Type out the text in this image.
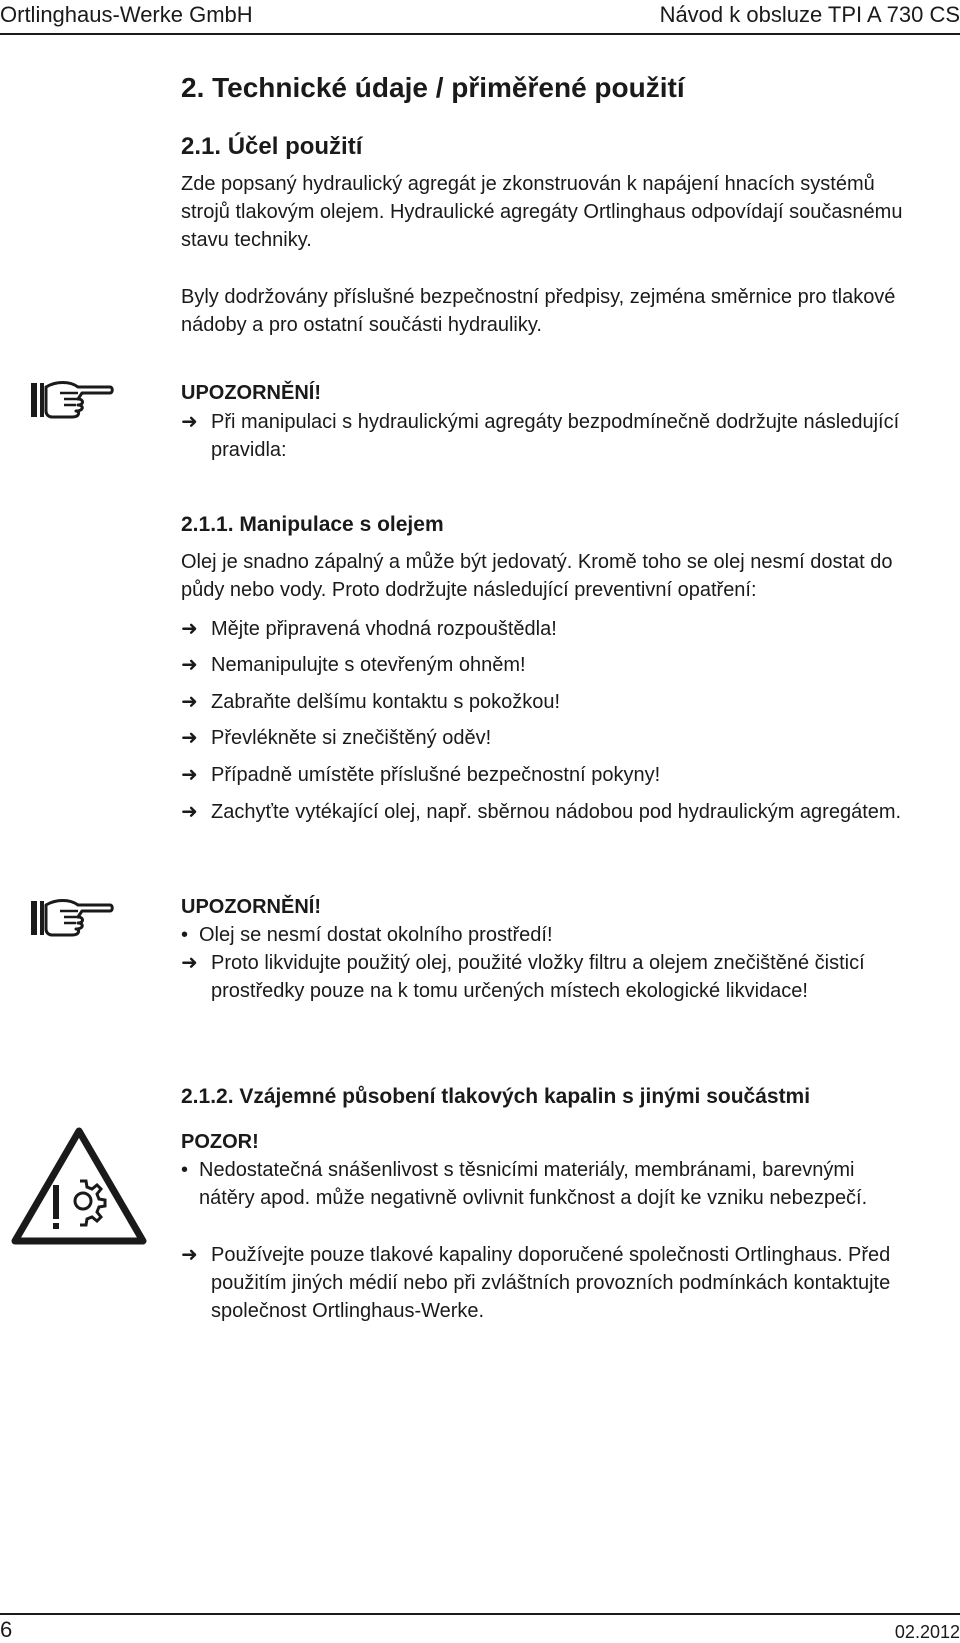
Ortlinghaus-Werke GmbH	Návod k obsluze TPI A 730 CS
2. Technické údaje / přiměřené použití
2.1. Účel použití
Zde popsaný hydraulický agregát je zkonstruován k napájení hnacích systémů strojů tlakovým olejem. Hydraulické agregáty Ortlinghaus odpovídají současnému stavu techniky.
Byly dodržovány příslušné bezpečnostní předpisy, zejména směrnice pro tlakové nádoby a pro ostatní součásti hydrauliky.
UPOZORNĚNÍ!
➜ Při manipulaci s hydraulickými agregáty bezpodmínečně dodržujte následující pravidla:
2.1.1. Manipulace s olejem
Olej je snadno zápalný a může být jedovatý. Kromě toho se olej nesmí dostat do půdy nebo vody. Proto dodržujte následující preventivní opatření:
➜ Mějte připravená vhodná rozpouštědla!
➜ Nemanipulujte s otevřeným ohněm!
➜ Zabraňte delšímu kontaktu s pokožkou!
➜ Převlékněte si znečištěný oděv!
➜ Případně umístěte příslušné bezpečnostní pokyny!
➜ Zachyťte vytékající olej, např. sběrnou nádobou pod hydraulickým agregátem.
UPOZORNĚNÍ!
• Olej se nesmí dostat okolního prostředí!
➜ Proto likvidujte použitý olej, použité vložky filtru a olejem znečištěné čisticí prostředky pouze na k tomu určených místech ekologické likvidace!
2.1.2. Vzájemné působení tlakových kapalin s jinými součástmi
POZOR!
• Nedostatečná snášenlivost s těsnicími materiály, membránami, barevnými nátěry apod. může negativně ovlivnit funkčnost a dojít ke vzniku nebezpečí.
➜ Používejte pouze tlakové kapaliny doporučené společnosti Ortlinghaus. Před použitím jiných médií nebo při zvláštních provozních podmínkách kontaktujte společnost Ortlinghaus-Werke.
6	02.2012
